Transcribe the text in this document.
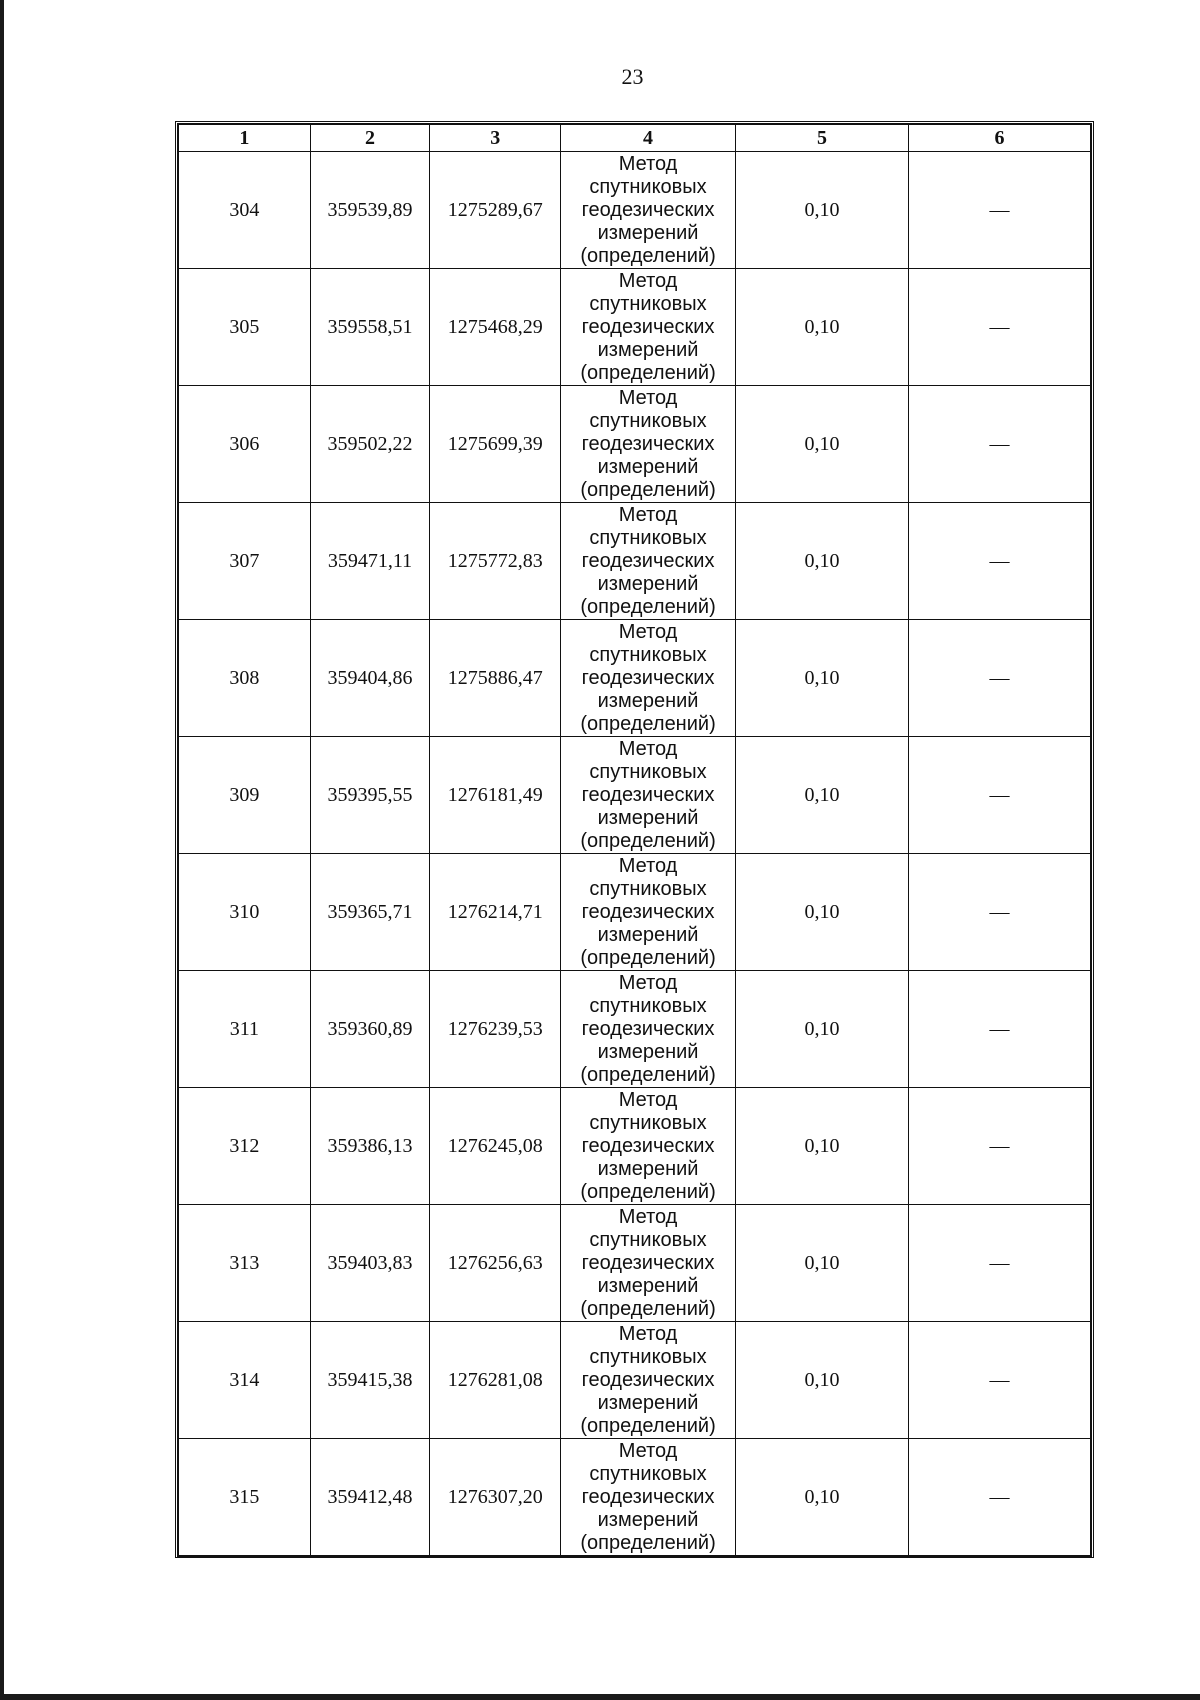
23
1	2	3	4	5	6
304	359539,89	1275289,67	Метод
спутниковых
геодезических
измерений
(определений)	0,10	—
305	359558,51	1275468,29	Метод
спутниковых
геодезических
измерений
(определений)	0,10	—
306	359502,22	1275699,39	Метод
спутниковых
геодезических
измерений
(определений)	0,10	—
307	359471,11	1275772,83	Метод
спутниковых
геодезических
измерений
(определений)	0,10	—
308	359404,86	1275886,47	Метод
спутниковых
геодезических
измерений
(определений)	0,10	—
309	359395,55	1276181,49	Метод
спутниковых
геодезических
измерений
(определений)	0,10	—
310	359365,71	1276214,71	Метод
спутниковых
геодезических
измерений
(определений)	0,10	—
311	359360,89	1276239,53	Метод
спутниковых
геодезических
измерений
(определений)	0,10	—
312	359386,13	1276245,08	Метод
спутниковых
геодезических
измерений
(определений)	0,10	—
313	359403,83	1276256,63	Метод
спутниковых
геодезических
измерений
(определений)	0,10	—
314	359415,38	1276281,08	Метод
спутниковых
геодезических
измерений
(определений)	0,10	—
315	359412,48	1276307,20	Метод
спутниковых
геодезических
измерений
(определений)	0,10	—
